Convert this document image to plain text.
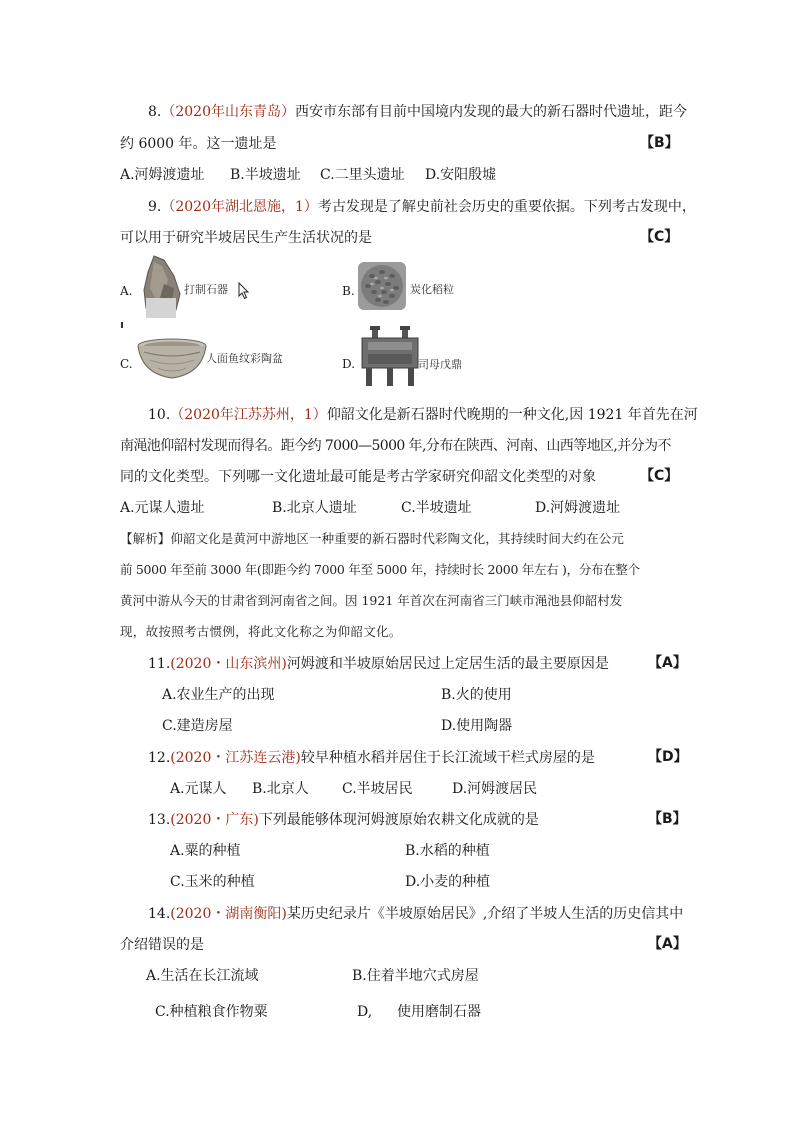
8.（2020年山东青岛）西安市东部有目前中国境内发现的最大的新石器时代遗址，距今
约 6000 年。这一遗址是	【B】
A.河姆渡遗址 B.半坡遗址 C.二里头遗址 D.安阳殷墟
9.（2020年湖北恩施，1）考古发现是了解史前社会历史的重要依据。下列考古发现中，
可以用于研究半坡居民生产生活状况的是	【C】
A.	打制石器	B.	炭化稻粒
C.	人面鱼纹彩陶盆	D.	司母戊鼎
10.（2020年江苏苏州，1）仰韶文化是新石器时代晚期的一种文化,因 1921 年首先在河
南渑池仰韶村发现而得名。距今约 7000—5000 年,分布在陕西、河南、山西等地区,并分为不
同的文化类型。下列哪一文化遗址最可能是考古学家研究仰韶文化类型的对象	【C】
A.元谋人遗址	B.北京人遗址	C.半坡遗址	D.河姆渡遗址
【解析】仰韶文化是黄河中游地区一种重要的新石器时代彩陶文化，其持续时间大约在公元
前 5000 年至前 3000 年(即距今约 7000 年至 5000 年，持续时长 2000 年左右 )，分布在整个
黄河中游从今天的甘肃省到河南省之间。因 1921 年首次在河南省三门峡市渑池县仰韶村发
现，故按照考古惯例，将此文化称之为仰韶文化。
11.(2020・山东滨州)河姆渡和半坡原始居民过上定居生活的最主要原因是	【A】
A.农业生产的出现	B.火的使用
C.建造房屋	D.使用陶器
12.(2020・江苏连云港)较早种植水稻并居住于长江流域干栏式房屋的是	【D】
A.元谋人 B.北京人 C.半坡居民	D.河姆渡居民
13.(2020・广东)下列最能够体现河姆渡原始农耕文化成就的是	【B】
A.粟的种植	B.水稻的种植
C.玉米的种植	D.小麦的种植
14.(2020・湖南衡阳)某历史纪录片《半坡原始居民》,介绍了半坡人生活的历史信其中
介绍错误的是	【A】
A.生活在长江流域	B.住着半地穴式房屋
C.种植粮食作物粟	D, 使用磨制石器
